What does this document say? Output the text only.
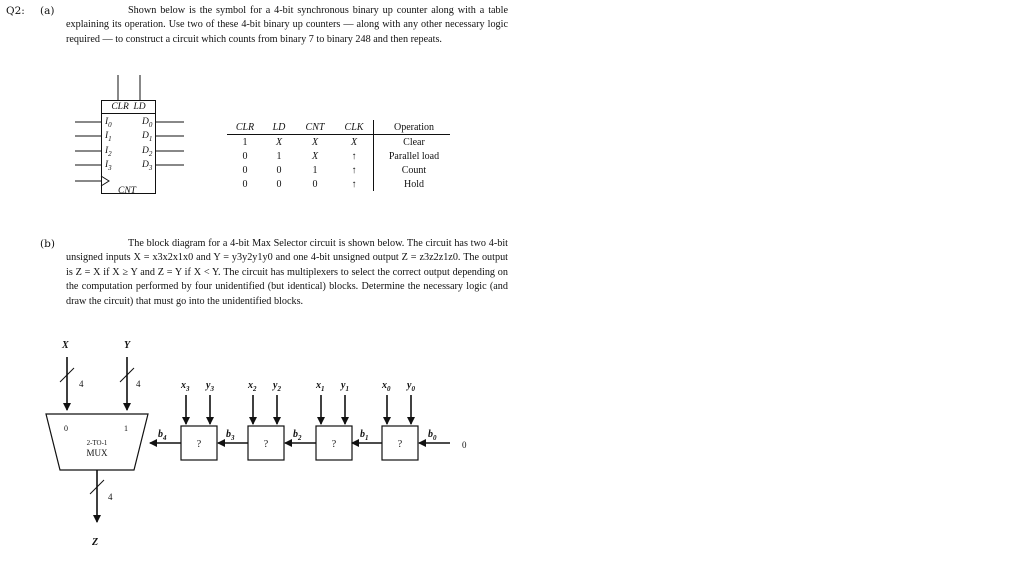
Q2: (a)	Shown below is the symbol for a 4-bit synchronous binary up counter along with a table explaining its operation. Use two of these 4-bit binary up counters — along with any other necessary logic required — to construct a circuit which counts from binary 7 to binary 248 and then repeats.
CLR LD
$I_0$
$I_1$
$I_2$
$I_3$
$D_0$
$D_1$
$D_2$
$D_3$
CNT
CLR	LD	CNT	CLK	Operation
1	X	X	X	Clear
0	1	X	↑	Parallel load
0	0	1	↑	Count
0	0	0	↑	Hold
(b)	The block diagram for a 4-bit Max Selector circuit is shown below. The circuit has two 4-bit unsigned inputs X = x3x2x1x0 and Y = y3y2y1y0 and one 4-bit unsigned output Z = z3z2z1z0. The output is Z = X if X ≥ Y and Z = Y if X < Y. The circuit has multiplexers to select the correct output depending on the computation performed by four unidentified (but identical) blocks. Determine the necessary logic (and draw the circuit) that must go into the unidentified blocks.
X	Y
4	4
4
Z
0	1
2-TO-1
MUX
?	?	?	?	0
$x_3$ $y_3$	$x_2$ $y_2$	$x_1$ $y_1$	$x_0$ $y_0$
$b_4$	$b_3$	$b_2$	$b_1$	$b_0$
